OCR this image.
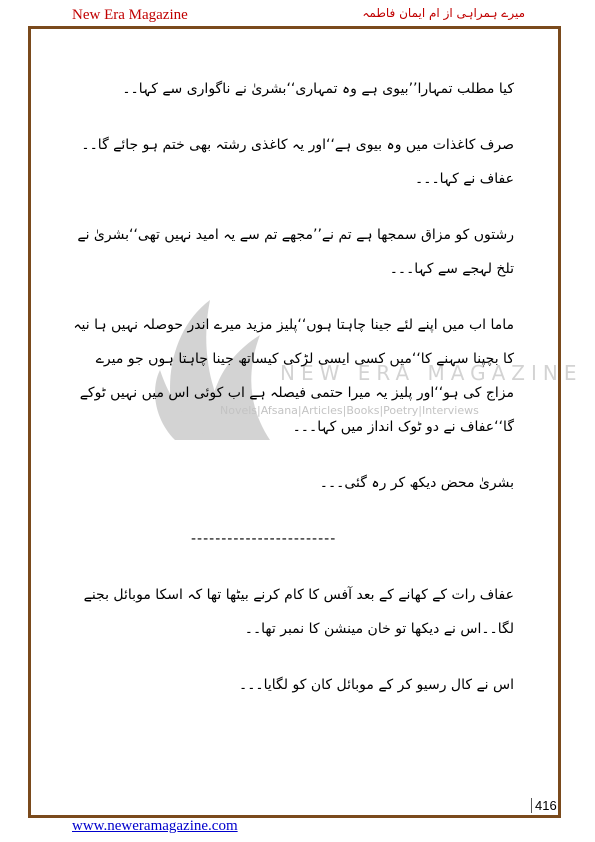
New Era Magazine	میرے ہمراہی از ام ایمان فاطمہ
NEW ERA MAGAZINE
Novels|Afsana|Articles|Books|Poetry|Interviews

کیا مطلب تمہارا’’بیوی ہے وہ تمہاری‘‘بشریٰ نے ناگواری سے کہا۔۔

صرف کاغذات میں وہ بیوی ہے‘‘اور یہ کاغذی رشتہ بھی ختم ہو جائے گا۔۔عفاف نے کہا۔۔۔

رشتوں کو مزاق سمجھا ہے تم نے’’مجھے تم سے یہ امید نہیں تھی‘‘بشریٰ نے تلخ لہجے سے کہا۔۔۔

ماما اب میں اپنے لئے جینا چاہتا ہوں‘‘پلیز مزید میرے اندر حوصلہ نہیں ہا نیہ کا بچپنا سہنے کا‘‘میں کسی ایسی لڑکی کیساتھ جینا چاہتا ہوں جو میرے مزاج کی ہو‘‘اور پلیز یہ میرا حتمی فیصلہ ہے اب کوئی اس میں نہیں ٹوکے گا‘‘عفاف نے دو ٹوک انداز میں کہا۔۔۔

بشریٰ محض دیکھ کر رہ گئی۔۔۔

------------------------

عفاف رات کے کھانے کے بعد آفس کا کام کرنے بیٹھا تھا کہ اسکا موبائل بجنے لگا۔۔اس نے دیکھا تو خان مینشن کا نمبر تھا۔۔

اس نے کال رسیو کر کے موبائل کان کو لگایا۔۔۔

416
www.neweramagazine.com
